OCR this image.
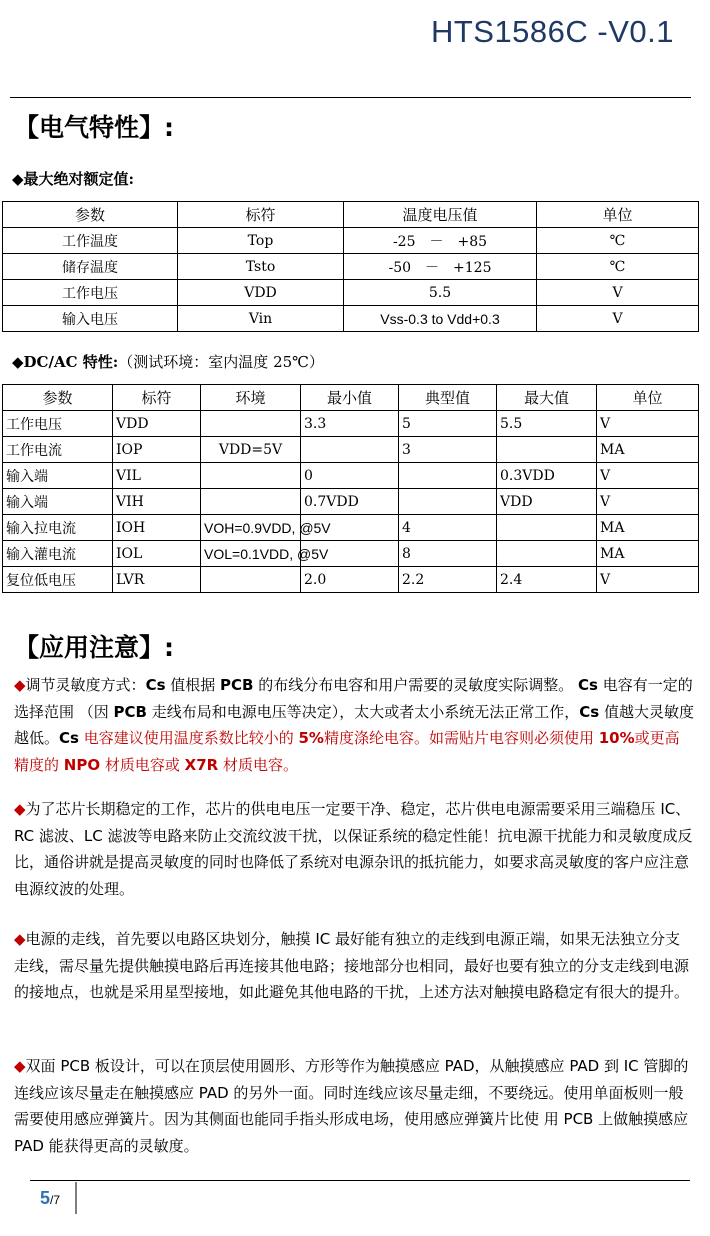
HTS1586C -V0.1
【电气特性】:
◆最大绝对额定值:
参数	标符	温度电压值	单位
工作温度	Top	-25　－　+85	℃
储存温度	Tsto	-50　－　+125	℃
工作电压	VDD	5.5	V
输入电压	Vin	Vss-0.3 to Vdd+0.3	V
◆DC/AC 特性:（测试环境：室内温度 25℃）
参数	标符	环境	最小值	典型值	最大值	单位
工作电压	VDD		3.3	5	5.5	V
工作电流	IOP	VDD=5V		3		MA
输入端	VIL		0		0.3VDD	V
输入端	VIH		0.7VDD		VDD	V
输入拉电流	IOH	VOH=0.9VDD, @5V		4		MA
输入灌电流	IOL	VOL=0.1VDD, @5V		8		MA
复位低电压	LVR		2.0	2.2	2.4	V
【应用注意】:

◆调节灵敏度方式：Cs 值根据 PCB 的布线分布电容和用户需要的灵敏度实际调整。 Cs 电容有一定的选择范围 （因 PCB 走线布局和电源电压等决定），太大或者太小系统无法正常工作，Cs 值越大灵敏度越低。Cs 电容建议使用温度系数比较小的 5%精度涤纶电容。如需贴片电容则必须使用 10%或更高精度的 NPO 材质电容或 X7R 材质电容。

◆为了芯片长期稳定的工作，芯片的供电电压一定要干净、稳定，芯片供电电源需要采用三端稳压 IC、RC 滤波、LC 滤波等电路来防止交流纹波干扰，以保证系统的稳定性能！抗电源干扰能力和灵敏度成反比，通俗讲就是提高灵敏度的同时也降低了系统对电源杂讯的抵抗能力，如要求高灵敏度的客户应注意电源纹波的处理。

◆电源的走线，首先要以电路区块划分，触摸 IC 最好能有独立的走线到电源正端，如果无法独立分支走线，需尽量先提供触摸电路后再连接其他电路；接地部分也相同，最好也要有独立的分支走线到电源的接地点，也就是采用星型接地，如此避免其他电路的干扰，上述方法对触摸电路稳定有很大的提升。

◆双面 PCB 板设计，可以在顶层使用圆形、方形等作为触摸感应 PAD，从触摸感应 PAD 到 IC 管脚的连线应该尽量走在触摸感应 PAD 的另外一面。同时连线应该尽量走细，不要绕远。使用单面板则一般需要使用感应弹簧片。因为其侧面也能同手指头形成电场，使用感应弹簧片比使 用 PCB 上做触摸感应 PAD 能获得更高的灵敏度。

5/7
